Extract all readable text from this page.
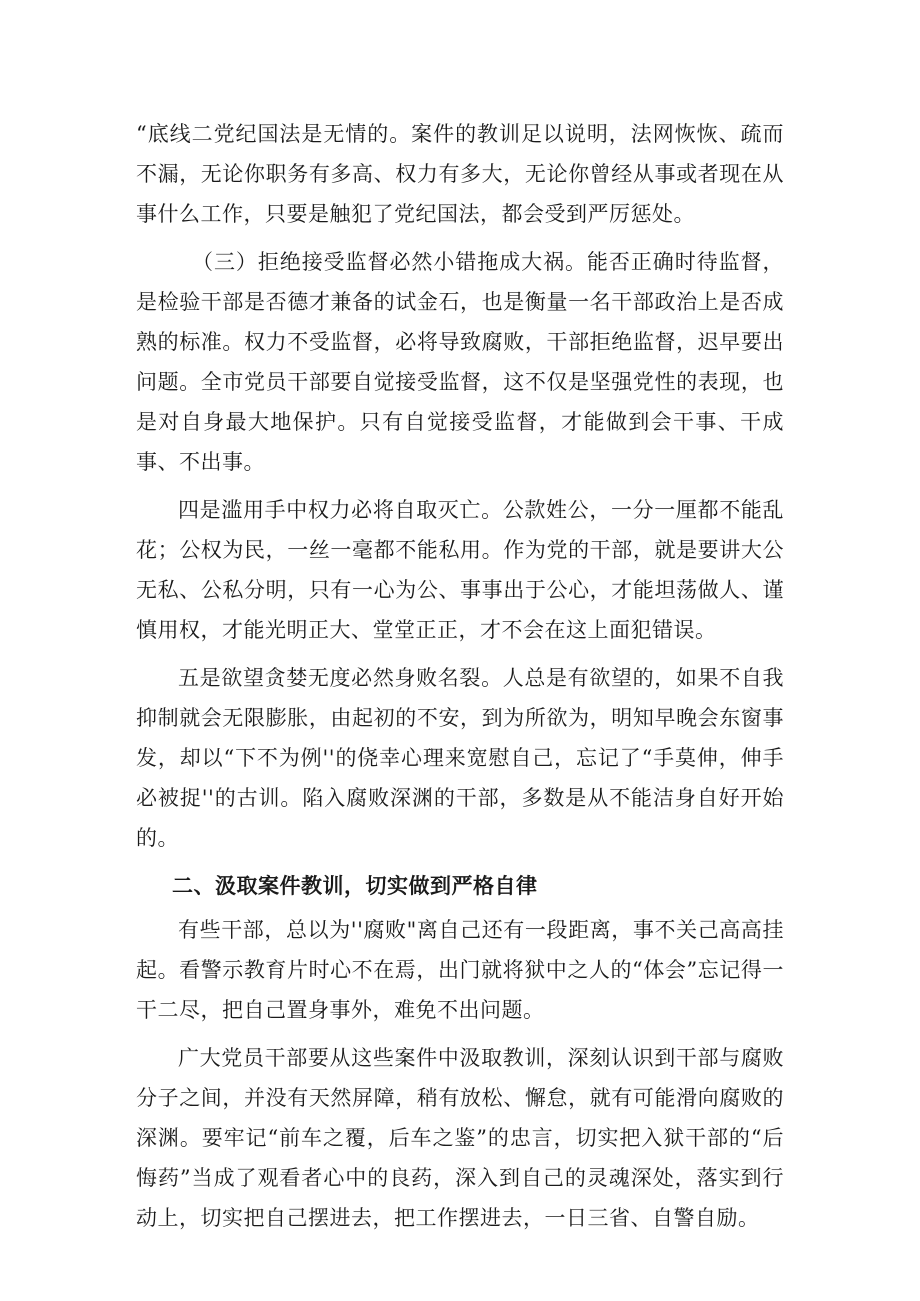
“底线二党纪国法是无情的。案件的教训足以说明，法网恢恢、疏而不漏，无论你职务有多高、权力有多大，无论你曾经从事或者现在从事什么工作，只要是触犯了党纪国法，都会受到严厉惩处。

（三）拒绝接受监督必然小错拖成大祸。能否正确时待监督，是检验干部是否德才兼备的试金石，也是衡量一名干部政治上是否成熟的标准。权力不受监督，必将导致腐败，干部拒绝监督，迟早要出问题。全市党员干部要自觉接受监督，这不仅是坚强党性的表现，也是对自身最大地保护。只有自觉接受监督，才能做到会干事、干成事、不出事。

四是滥用手中权力必将自取灭亡。公款姓公，一分一厘都不能乱花；公权为民，一丝一毫都不能私用。作为党的干部，就是要讲大公无私、公私分明，只有一心为公、事事出于公心，才能坦荡做人、谨慎用权，才能光明正大、堂堂正正，才不会在这上面犯错误。

五是欲望贪婪无度必然身败名裂。人总是有欲望的，如果不自我抑制就会无限膨胀，由起初的不安，到为所欲为，明知早晚会东窗事发，却以“下不为例''的侥幸心理来宽慰自己，忘记了“手莫伸，伸手必被捉''的古训。陷入腐败深渊的干部，多数是从不能洁身自好开始的。

二、汲取案件教训，切实做到严格自律

有些干部，总以为''腐败"离自己还有一段距离，事不关己高高挂起。看警示教育片时心不在焉，出门就将狱中之人的“体会”忘记得一干二尽，把自己置身事外，难免不出问题。

广大党员干部要从这些案件中汲取教训，深刻认识到干部与腐败分子之间，并没有天然屏障，稍有放松、懈怠，就有可能滑向腐败的深渊。要牢记“前车之覆，后车之鉴”的忠言，切实把入狱干部的“后悔药”当成了观看者心中的良药，深入到自己的灵魂深处，落实到行动上，切实把自己摆进去，把工作摆进去，一日三省、自警自励。
